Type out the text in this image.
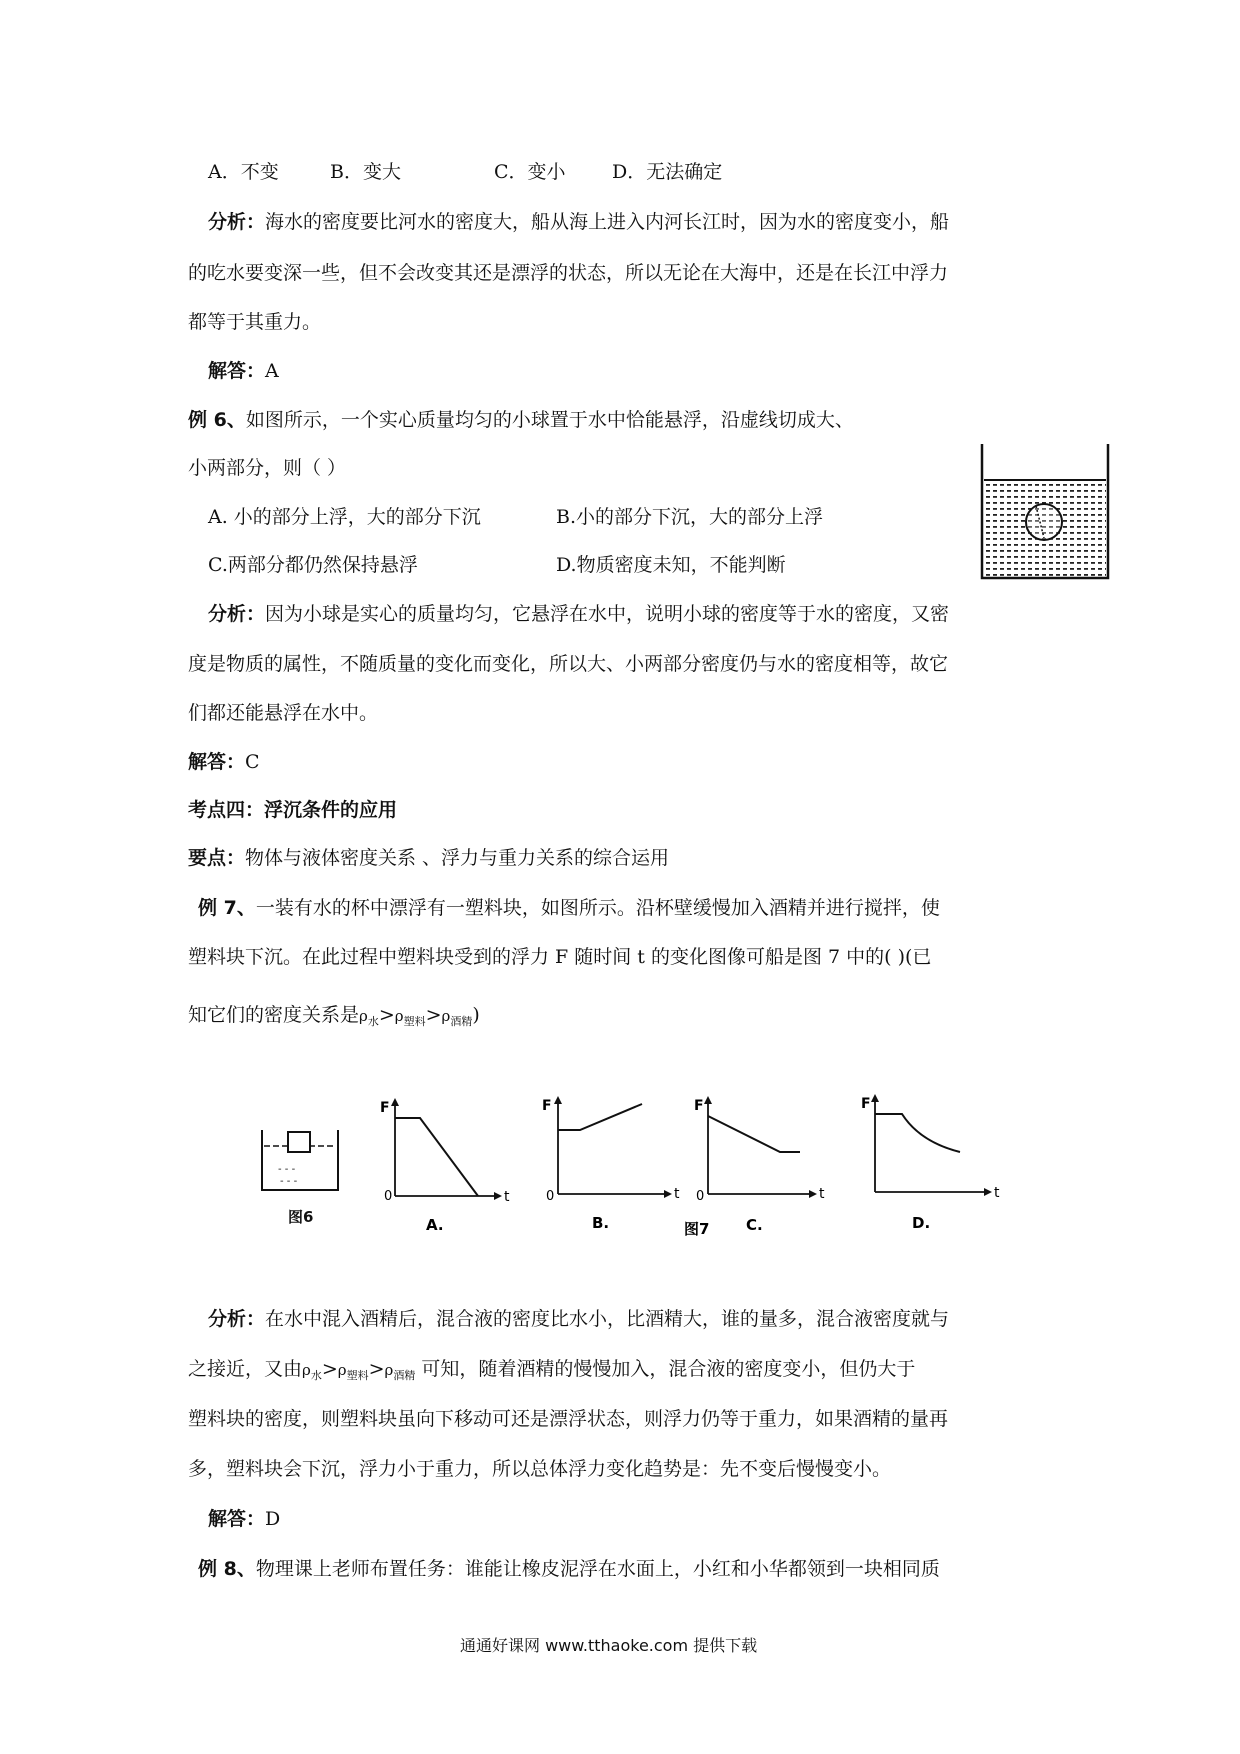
A．不变	B．变大	C．变小 D．无法确定
分析：海水的密度要比河水的密度大，船从海上进入内河长江时，因为水的密度变小，船
的吃水要变深一些，但不会改变其还是漂浮的状态，所以无论在大海中，还是在长江中浮力
都等于其重力。
解答：A
例 6、如图所示，一个实心质量均匀的小球置于水中恰能悬浮，沿虚线切成大、
小两部分，则（ ）
A. 小的部分上浮，大的部分下沉	B.小的部分下沉，大的部分上浮
C.两部分都仍然保持悬浮	D.物质密度未知，不能判断
分析：因为小球是实心的质量均匀，它悬浮在水中，说明小球的密度等于水的密度，又密
度是物质的属性，不随质量的变化而变化，所以大、小两部分密度仍与水的密度相等，故它
们都还能悬浮在水中。
解答：C
考点四：浮沉条件的应用
要点：物体与液体密度关系 、浮力与重力关系的综合运用
例 7、一装有水的杯中漂浮有一塑料块，如图所示。沿杯壁缓慢加入酒精并进行搅拌，使
塑料块下沉。在此过程中塑料块受到的浮力 F 随时间 t 的变化图像可船是图 7 中的( )(已
知它们的密度关系是$\rho_水>\rho_{塑料}>\rho_{酒精}$)
- - -
- - -
图6
F
0	t
A.
F
0	t
B.	图7
F
0	t
C.
F
t
D.
分析：在水中混入酒精后，混合液的密度比水小，比酒精大，谁的量多，混合液密度就与
之接近，又由$\rho_水>\rho_{塑料}>\rho_{酒精}$ 可知，随着酒精的慢慢加入，混合液的密度变小，但仍大于
塑料块的密度，则塑料块虽向下移动可还是漂浮状态，则浮力仍等于重力，如果酒精的量再
多，塑料块会下沉，浮力小于重力，所以总体浮力变化趋势是：先不变后慢慢变小。
解答：D
例 8、物理课上老师布置任务：谁能让橡皮泥浮在水面上，小红和小华都领到一块相同质
通通好课网 www.tthaoke.com 提供下载
